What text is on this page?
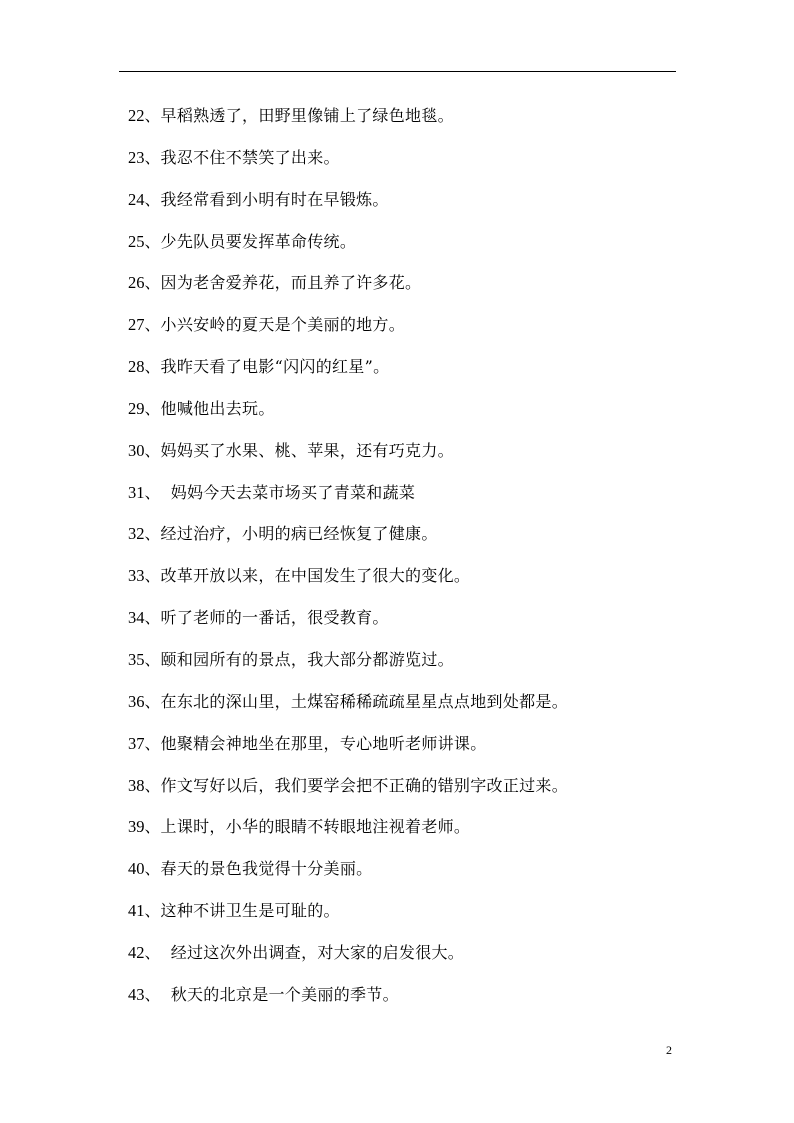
22 、 早稻熟透了，田野里像铺上了绿色地毯。
23 、 我忍不住不禁笑了出来。
24 、 我经常看到小明有时在早锻炼。
25 、 少先队员要发挥革命传统。
26 、 因为老舍爱养花，而且养了许多花。
27 、 小兴安岭的夏天是个美丽的地方。
28 、 我昨天看了电影“闪闪的红星”。
29 、 他喊他出去玩。
30 、 妈妈买了水果、桃、苹果，还有巧克力。
31 、 妈妈今天去菜市场买了青菜和蔬菜
32 、 经过治疗，小明的病已经恢复了健康。
33 、 改革开放以来，在中国发生了很大的变化。
34 、 听了老师的一番话，很受教育。
35 、 颐和园所有的景点，我大部分都游览过。
36 、 在东北的深山里，土煤窑稀稀疏疏星星点点地到处都是。
37 、 他聚精会神地坐在那里，专心地听老师讲课。
38 、 作文写好以后，我们要学会把不正确的错别字改正过来。
39 、 上课时，小华的眼睛不转眼地注视着老师。
40 、 春天的景色我觉得十分美丽。
41 、 这种不讲卫生是可耻的。
42 、 经过这次外出调查，对大家的启发很大。
43 、 秋天的北京是一个美丽的季节。
2
